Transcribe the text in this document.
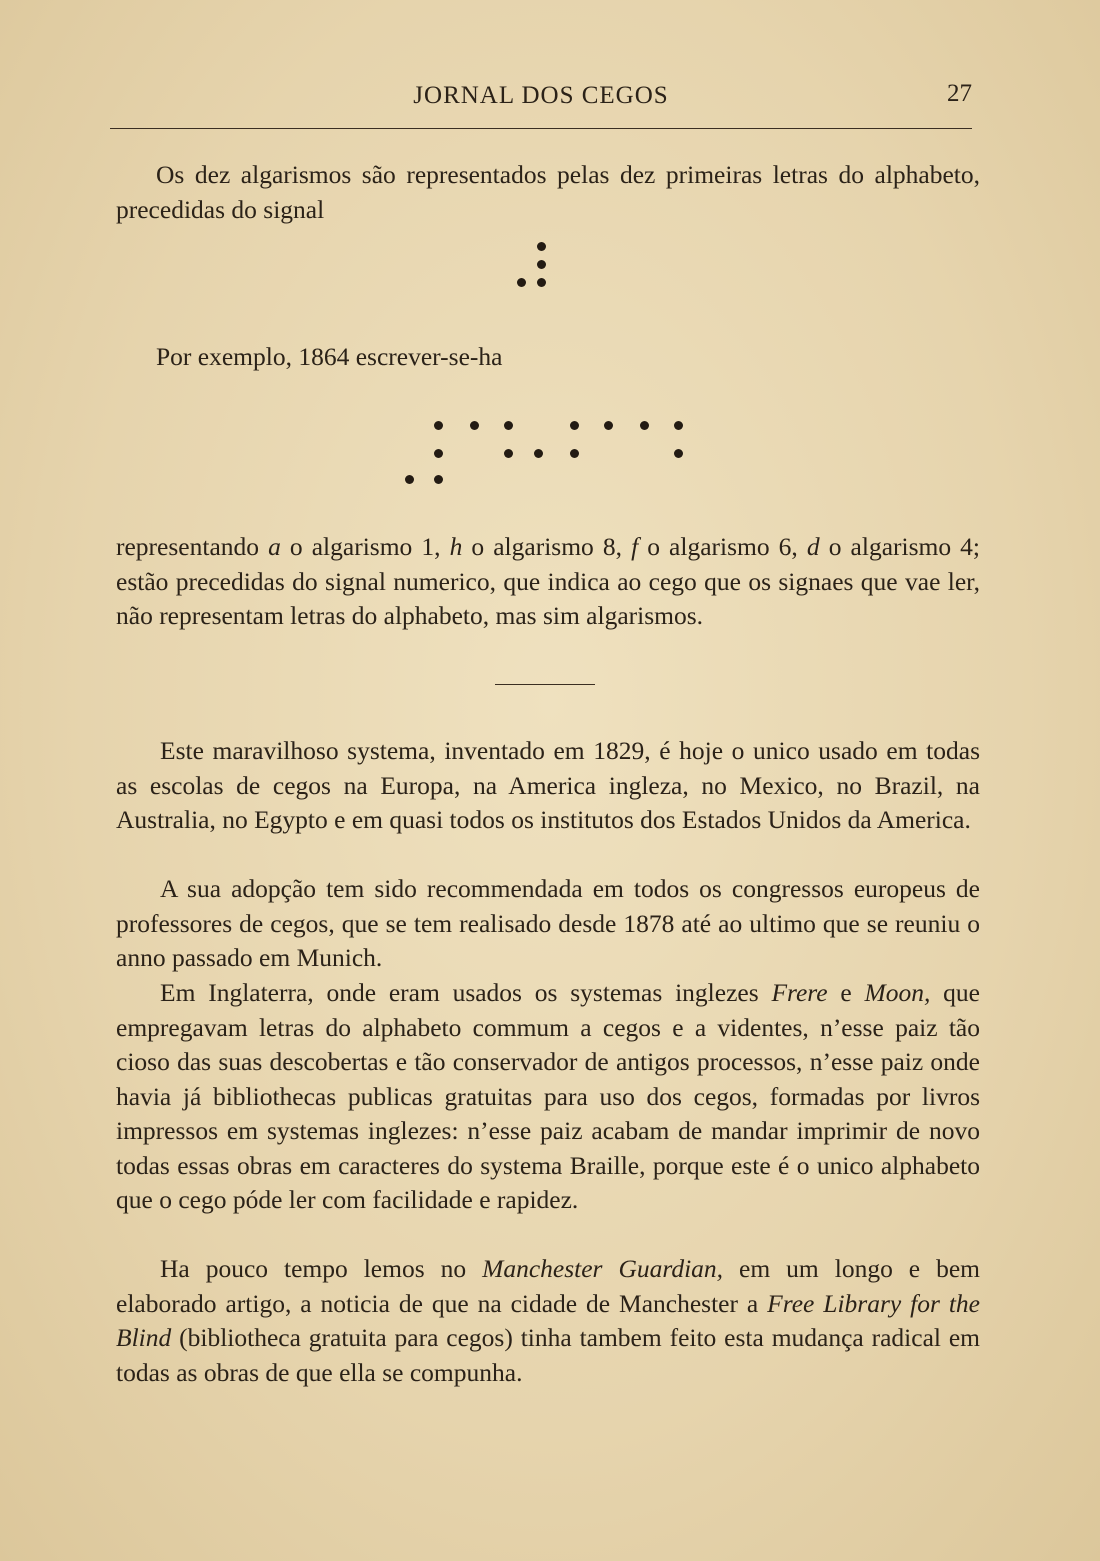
JORNAL DOS CEGOS	27

Os dez algarismos são representados pelas dez primeiras letras do alphabeto, precedidas do signal

Por exemplo, 1864 escrever-se-ha

representando a o algarismo 1, h o algarismo 8, f o algarismo 6, d o algarismo 4; estão precedidas do signal numerico, que indica ao cego que os signaes que vae ler, não representam letras do alphabeto, mas sim algarismos.

Este maravilhoso systema, inventado em 1829, é hoje o unico usado em todas as escolas de cegos na Europa, na America ingleza, no Mexico, no Brazil, na Australia, no Egypto e em quasi todos os institutos dos Estados Unidos da America.

A sua adopção tem sido recommendada em todos os congressos europeus de professores de cegos, que se tem realisado desde 1878 até ao ultimo que se reuniu o anno passado em Munich.

Em Inglaterra, onde eram usados os systemas inglezes Frere e Moon, que empregavam letras do alphabeto commum a cegos e a videntes, n’esse paiz tão cioso das suas descobertas e tão conservador de antigos processos, n’esse paiz onde havia já bibliothecas publicas gratuitas para uso dos cegos, formadas por livros impressos em systemas inglezes: n’esse paiz acabam de mandar imprimir de novo todas essas obras em caracteres do systema Braille, porque este é o unico alphabeto que o cego póde ler com facilidade e rapidez.

Ha pouco tempo lemos no Manchester Guardian, em um longo e bem elaborado artigo, a noticia de que na cidade de Manchester a Free Library for the Blind (bibliotheca gratuita para cegos) tinha tambem feito esta mudança radical em todas as obras de que ella se compunha.
